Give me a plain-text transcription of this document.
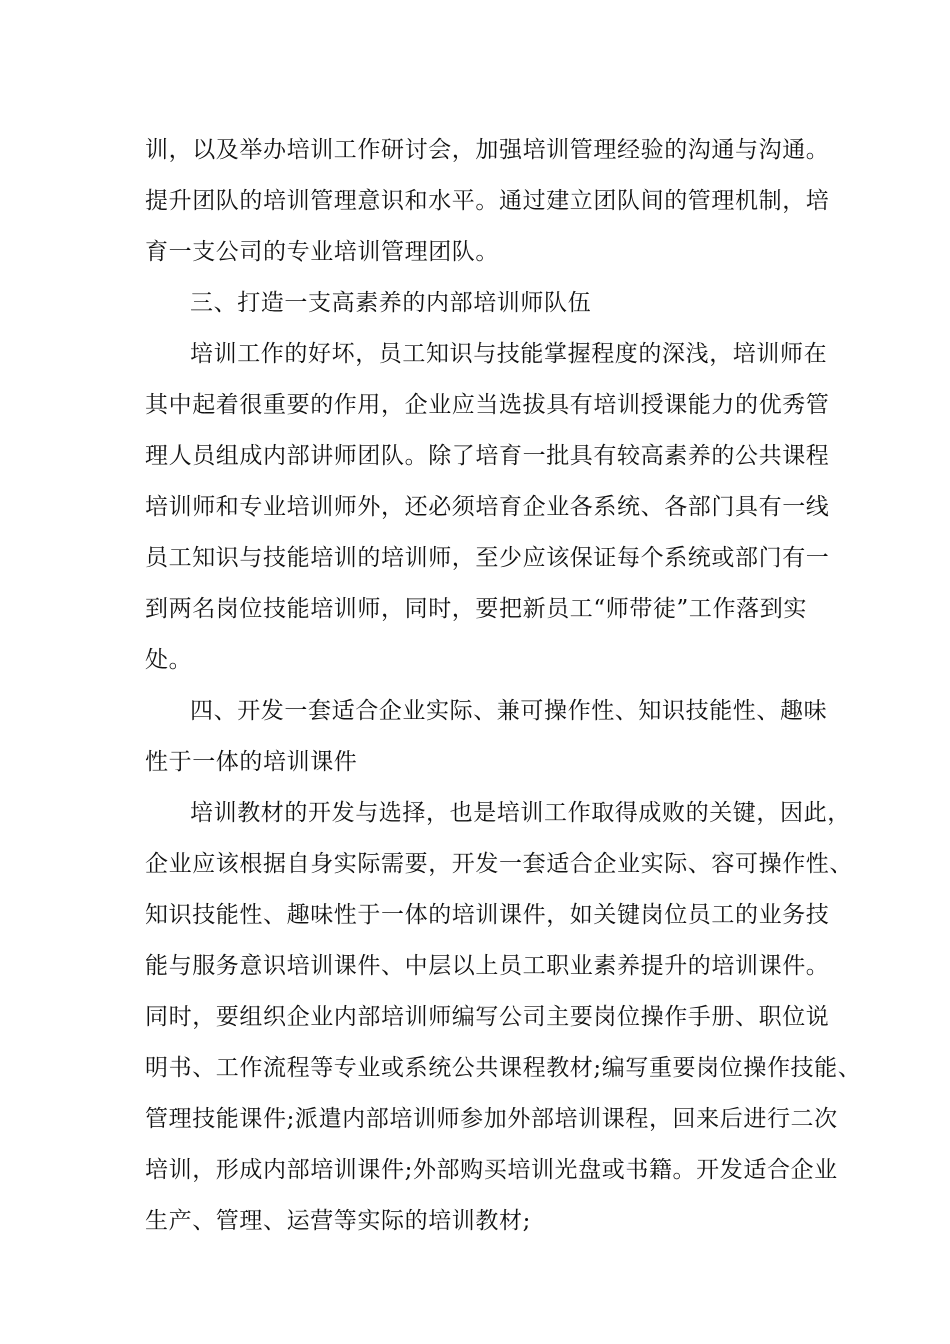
训，以及举办培训工作研讨会，加强培训管理经验的沟通与沟通。
提升团队的培训管理意识和水平。通过建立团队间的管理机制，培
育一支公司的专业培训管理团队。
三、打造一支高素养的内部培训师队伍
培训工作的好坏，员工知识与技能掌握程度的深浅，培训师在
其中起着很重要的作用，企业应当选拔具有培训授课能力的优秀管
理人员组成内部讲师团队。除了培育一批具有较高素养的公共课程
培训师和专业培训师外，还必须培育企业各系统、各部门具有一线
员工知识与技能培训的培训师，至少应该保证每个系统或部门有一
到两名岗位技能培训师，同时，要把新员工“师带徒”工作落到实
处。
四、开发一套适合企业实际、兼可操作性、知识技能性、趣味
性于一体的培训课件
培训教材的开发与选择，也是培训工作取得成败的关键，因此，
企业应该根据自身实际需要，开发一套适合企业实际、容可操作性、
知识技能性、趣味性于一体的培训课件，如关键岗位员工的业务技
能与服务意识培训课件、中层以上员工职业素养提升的培训课件。
同时，要组织企业内部培训师编写公司主要岗位操作手册、职位说
明书、工作流程等专业或系统公共课程教材;编写重要岗位操作技能、
管理技能课件;派遣内部培训师参加外部培训课程，回来后进行二次
培训，形成内部培训课件;外部购买培训光盘或书籍。开发适合企业
生产、管理、运营等实际的培训教材;
